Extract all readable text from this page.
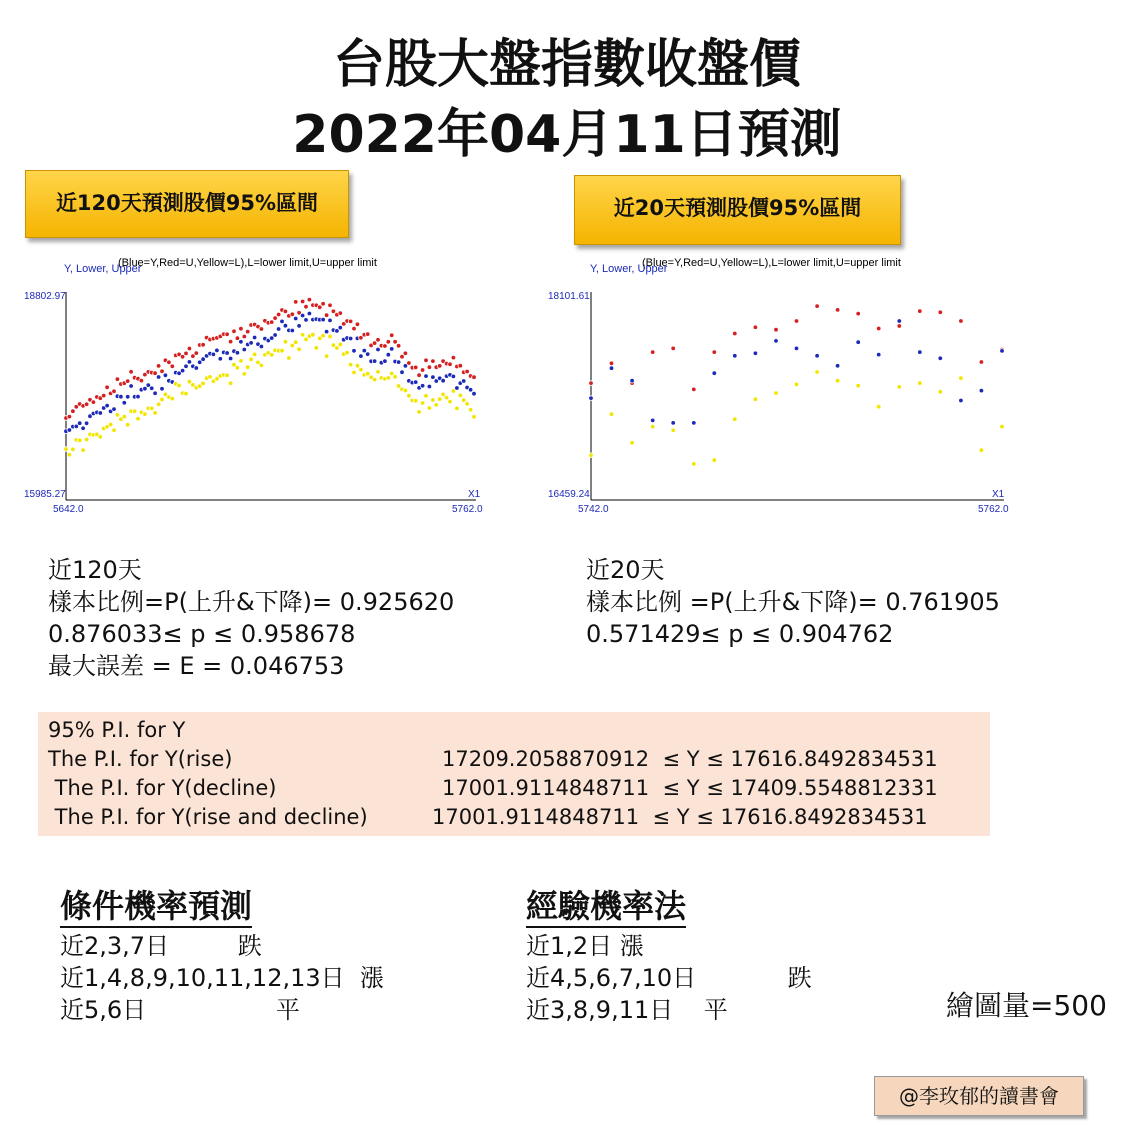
台股大盤指數收盤價
2022年04月11日預測
近120天預測股價95%區間	近20天預測股價95%區間
(Blue=Y,Red=U,Yellow=L),L=lower limit,U=upper limit
Y, Lower, Upper
18802.97
15985.27
5642.0	5762.0
X1
(Blue=Y,Red=U,Yellow=L),L=lower limit,U=upper limit
Y, Lower, Upper
18101.61
16459.24
5742.0	5762.0
X1
近120天
樣本比例=P(上升&下降)= 0.925620
0.876033≤ p ≤ 0.958678
最大誤差 = E = 0.046753
近20天
樣本比例 =P(上升&下降)= 0.761905
0.571429≤ p ≤ 0.904762
95% P.I. for Y
The P.I. for Y(rise)	17209.2058870912  ≤ Y ≤ 17616.8492834531
The P.I. for Y(decline)	17001.9114848711  ≤ Y ≤ 17409.5548812331
The P.I. for Y(rise and decline)	17001.9114848711  ≤ Y ≤ 17616.8492834531
條件機率預測
近2,3,7日         跌
近1,4,8,9,10,11,12,13日  漲
近5,6日                 平
經驗機率法
近1,2日 漲
近4,5,6,7,10日            跌
近3,8,9,11日    平	繪圖量=500
@李玫郁的讀書會
